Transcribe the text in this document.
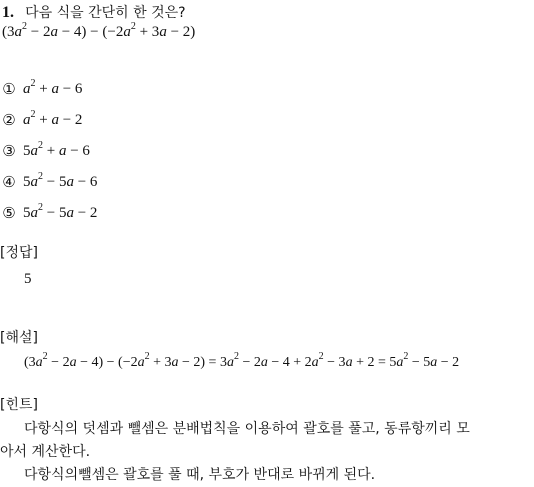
1. 다음 식을 간단히 한 것은?
$(3a^2 - 2a - 4) - (-2a^2 + 3a - 2)$
① $a^2 + a - 6$
② $a^2 + a - 2$
③ $5a^2 + a - 6$
④ $5a^2 - 5a - 6$
⑤ $5a^2 - 5a - 2$
[정답]
5
[해설]
$(3a^2 - 2a - 4) - (-2a^2 + 3a - 2) = 3a^2 - 2a - 4 + 2a^2 - 3a + 2 = 5a^2 - 5a - 2$
[힌트]
다항식의 덧셈과 뺄셈은 분배법칙을 이용하여 괄호를 풀고, 동류항끼리 모
아서 계산한다.
다항식의뺄셈은 괄호를 풀 때, 부호가 반대로 바뀌게 된다.
